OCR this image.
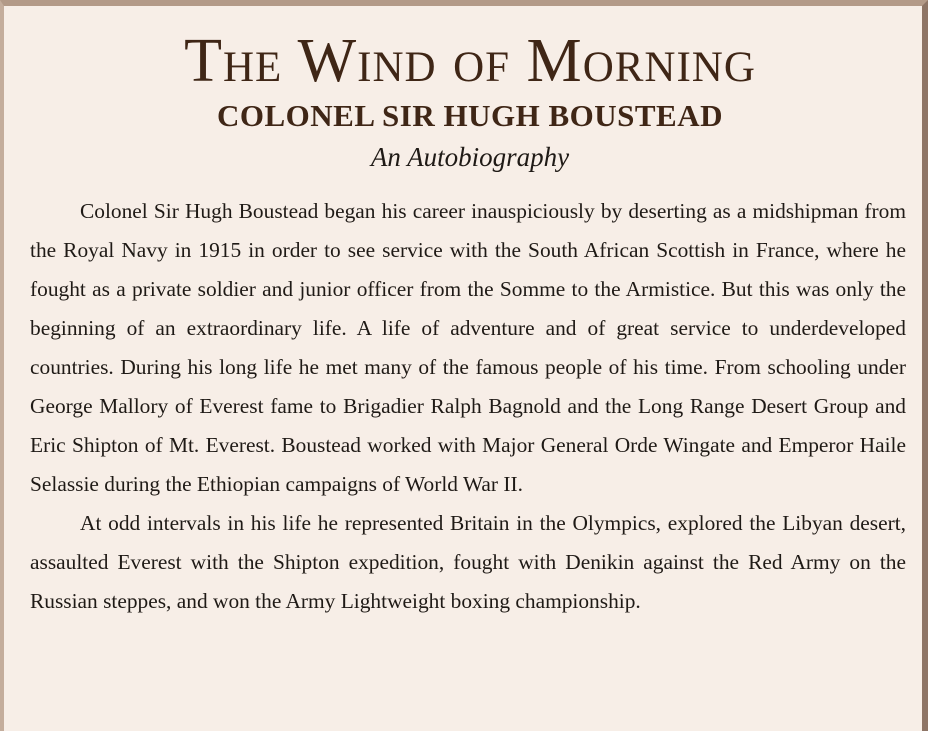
The Wind of Morning
COLONEL SIR HUGH BOUSTEAD
An Autobiography

Colonel Sir Hugh Boustead began his career inauspiciously by deserting as a midshipman from the Royal Navy in 1915 in order to see service with the South African Scottish in France, where he fought as a private soldier and junior officer from the Somme to the Armistice. But this was only the beginning of an extraordinary life. A life of adventure and of great service to underdeveloped countries. During his long life he met many of the famous people of his time. From schooling under George Mallory of Everest fame to Brigadier Ralph Bagnold and the Long Range Desert Group and Eric Shipton of Mt. Everest. Boustead worked with Major General Orde Wingate and Emperor Haile Selassie during the Ethiopian campaigns of World War II.

At odd intervals in his life he represented Britain in the Olympics, explored the Libyan desert, assaulted Everest with the Shipton expedition, fought with Denikin against the Red Army on the Russian steppes, and won the Army Lightweight boxing championship.
